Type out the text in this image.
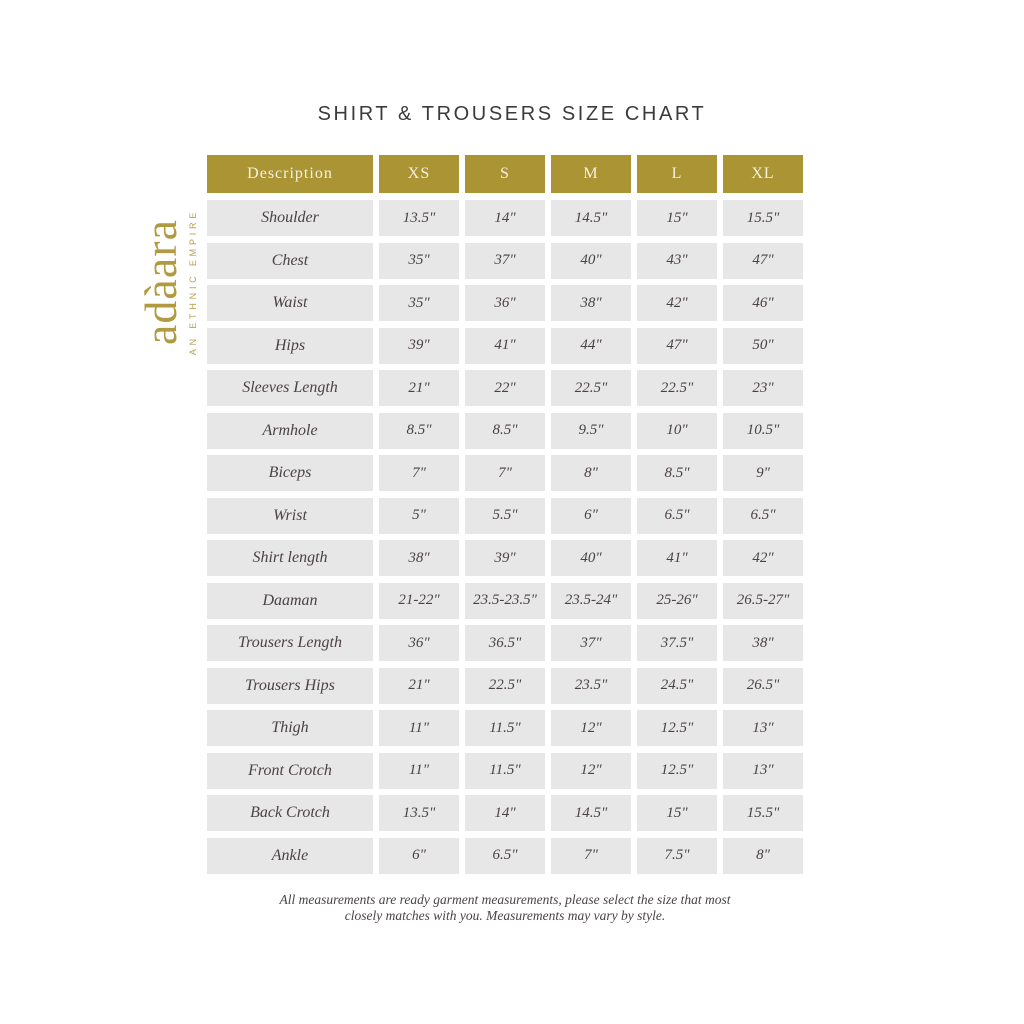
SHIRT & TROUSERS SIZE CHART
adàara AN ETHNIC EMPIRE
Description	XS	S	M	L	XL
Shoulder	13.5"	14"	14.5"	15"	15.5"
Chest	35"	37"	40"	43"	47"
Waist	35"	36"	38"	42"	46"
Hips	39"	41"	44"	47"	50"
Sleeves Length	21"	22"	22.5"	22.5"	23"
Armhole	8.5"	8.5"	9.5"	10"	10.5"
Biceps	7"	7"	8"	8.5"	9"
Wrist	5"	5.5"	6"	6.5"	6.5"
Shirt length	38"	39"	40"	41"	42"
Daaman	21-22"	23.5-23.5"	23.5-24"	25-26"	26.5-27"
Trousers Length	36"	36.5"	37"	37.5"	38"
Trousers Hips	21"	22.5"	23.5"	24.5"	26.5"
Thigh	11"	11.5"	12"	12.5"	13"
Front Crotch	11"	11.5"	12"	12.5"	13"
Back Crotch	13.5"	14"	14.5"	15"	15.5"
Ankle	6"	6.5"	7"	7.5"	8"
All measurements are ready garment measurements, please select the size that most
closely matches with you. Measurements may vary by style.
